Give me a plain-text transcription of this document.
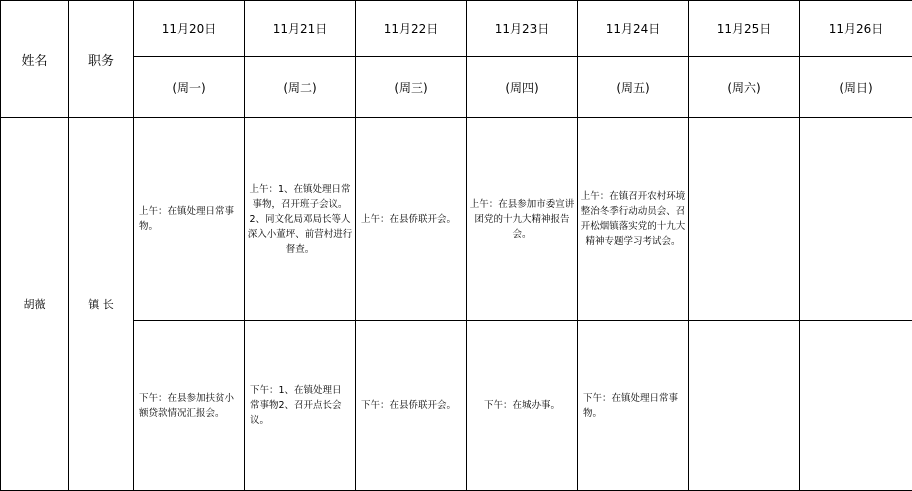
姓名	职务	11月20日	11月21日	11月22日	11月23日	11月24日	11月25日	11月26日
		(周一)	(周二)	(周三)	(周四)	(周五)	(周六)	(周日)
胡薇	镇 长	上午：在镇处理日常事物。	上午：1、在镇处理日常事物，召开班子会议。2、同文化局邓局长等人深入小董坪、前营村进行督查。	上午：在县侨联开会。	上午：在县参加市委宣讲团党的十九大精神报告会。	上午：在镇召开农村环境整治冬季行动动员会、召开松烟镇落实党的十九大精神专题学习考试会。		

		下午：在县参加扶贫小额贷款情况汇报会。	下午：1、在镇处理日常事物2、召开点长会议。	下午：在县侨联开会。	下午：在城办事。	下午：在镇处理日常事物。		
